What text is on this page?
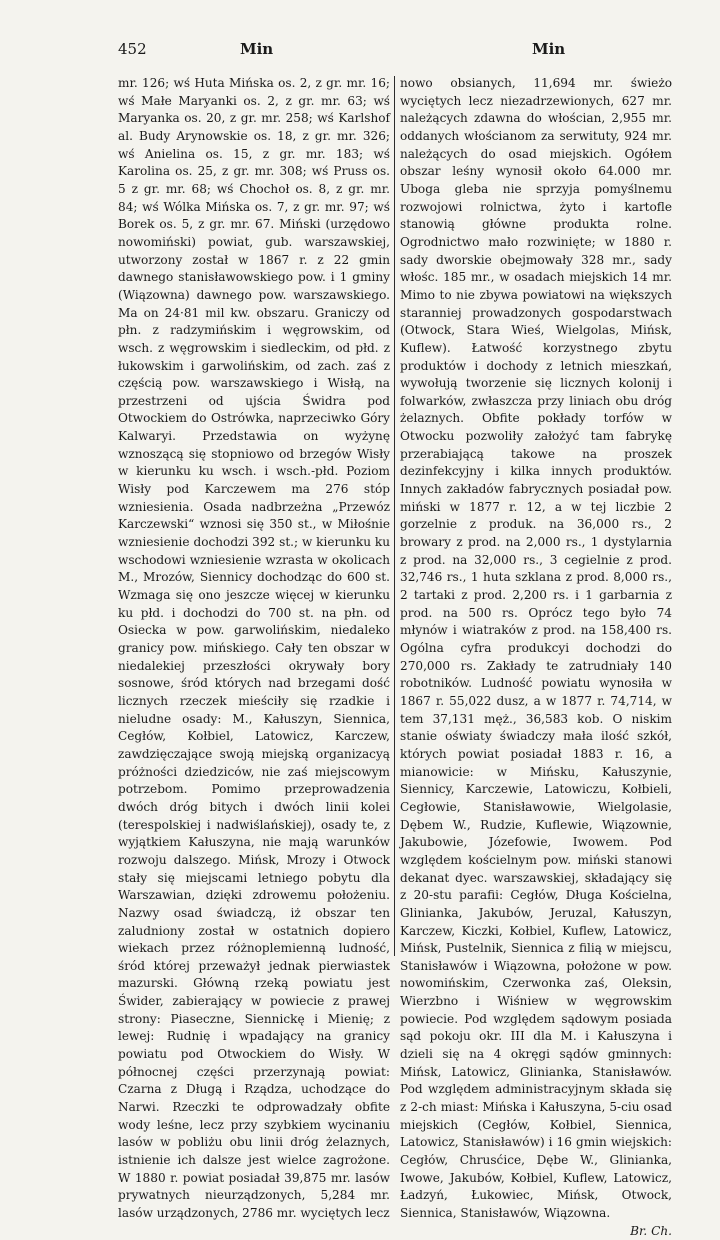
452	Min	Min

mr. 126; wś Huta Mińska os. 2, z gr. mr. 16; wś Małe Maryanki os. 2, z gr. mr. 63; wś Maryanka os. 20, z gr. mr. 258; wś Karlshof al. Budy Arynowskie os. 18, z gr. mr. 326; wś Anielina os. 15, z gr. mr. 183; wś Karolina os. 25, z gr. mr. 308; wś Pruss os. 5 z gr. mr. 68; wś Chochoł os. 8, z gr. mr. 84; wś Wólka Mińska os. 7, z gr. mr. 97; wś Borek os. 5, z gr. mr. 67. Miński (urzędowo nowomiński) powiat, gub. warszawskiej, utworzony został w 1867 r. z 22 gmin dawnego stanisławowskiego pow. i 1 gminy (Wiązowna) dawnego pow. warszawskiego. Ma on 24·81 mil kw. obszaru. Graniczy od płn. z radzymińskim i węgrowskim, od wsch. z węgrowskim i siedleckim, od płd. z łukowskim i garwolińskim, od zach. zaś z częścią pow. warszawskiego i Wisłą, na przestrzeni od ujścia Świdra pod Otwockiem do Ostrówka, naprzeciwko Góry Kalwaryi. Przedstawia on wyżynę wznoszącą się stopniowo od brzegów Wisły w kierunku ku wsch. i wsch.-płd. Poziom Wisły pod Karczewem ma 276 stóp wzniesienia. Osada nadbrzeżna „Przewóz Karczewski“ wznosi się 350 st., w Miłośnie wzniesienie dochodzi 392 st.; w kierunku ku wschodowi wzniesienie wzrasta w okolicach M., Mrozów, Siennicy dochodząc do 600 st. Wzmaga się ono jeszcze więcej w kierunku ku płd. i dochodzi do 700 st. na płn. od Osiecka w pow. garwolińskim, niedaleko granicy pow. mińskiego. Cały ten obszar w niedalekiej przeszłości okrywały bory sosnowe, śród których nad brzegami dość licznych rzeczek mieściły się rzadkie i nieludne osady: M., Kałuszyn, Siennica, Cegłów, Kołbiel, Latowicz, Karczew, zawdzięczające swoją miejską organizacyą próżności dziedziców, nie zaś miejscowym potrzebom. Pomimo przeprowadzenia dwóch dróg bitych i dwóch linii kolei (terespolskiej i nadwiślańskiej), osady te, z wyjątkiem Kałuszyna, nie mają warunków rozwoju dalszego. Mińsk, Mrozy i Otwock stały się miejscami letniego pobytu dla Warszawian, dzięki zdrowemu położeniu. Nazwy osad świadczą, iż obszar ten zaludniony został w ostatnich dopiero wiekach przez różnoplemienną ludność, śród której przeważył jednak pierwiastek mazurski. Główną rzeką powiatu jest Świder, zabierający w powiecie z prawej strony: Piaseczne, Siennickę i Mienię; z lewej: Rudnię i wpadający na granicy powiatu pod Otwockiem do Wisły. W północnej części przerzynają powiat: Czarna z Długą i Rządza, uchodzące do Narwi. Rzeczki te odprowadzały obfite wody leśne, lecz przy szybkiem wycinaniu lasów w pobliżu obu linii dróg żelaznych, istnienie ich dalsze jest wielce zagrożone. W 1880 r. powiat posiadał 39,875 mr. lasów prywatnych nieurządzonych, 5,284 mr. lasów urządzonych, 2786 mr. wyciętych lecz

nowo obsianych, 11,694 mr. świeżo wyciętych lecz niezadrzewionych, 627 mr. należących zdawna do włościan, 2,955 mr. oddanych włościanom za serwituty, 924 mr. należących do osad miejskich. Ogółem obszar leśny wynosił około 64.000 mr. Uboga gleba nie sprzyja pomyślnemu rozwojowi rolnictwa, żyto i kartofle stanowią główne produkta rolne. Ogrodnictwo mało rozwinięte; w 1880 r. sady dworskie obejmowały 328 mr., sady włośc. 185 mr., w osadach miejskich 14 mr. Mimo to nie zbywa powiatowi na większych staranniej prowadzonych gospodarstwach (Otwock, Stara Wieś, Wielgolas, Mińsk, Kuflew). Łatwość korzystnego zbytu produktów i dochody z letnich mieszkań, wywołują tworzenie się licznych kolonij i folwarków, zwłaszcza przy liniach obu dróg żelaznych. Obfite pokłady torfów w Otwocku pozwoliły założyć tam fabrykę przerabiającą takowe na proszek dezinfekcyjny i kilka innych produktów. Innych zakładów fabrycznych posiadał pow. miński w 1877 r. 12, a w tej liczbie 2 gorzelnie z produk. na 36,000 rs., 2 browary z prod. na 2,000 rs., 1 dystylarnia z prod. na 32,000 rs., 3 cegielnie z prod. 32,746 rs., 1 huta szklana z prod. 8,000 rs., 2 tartaki z prod. 2,200 rs. i 1 garbarnia z prod. na 500 rs. Oprócz tego było 74 młynów i wiatraków z prod. na 158,400 rs. Ogólna cyfra produkcyi dochodzi do 270,000 rs. Zakłady te zatrudniały 140 robotników. Ludność powiatu wynosiła w 1867 r. 55,022 dusz, a w 1877 r. 74,714, w tem 37,131 męż., 36,583 kob. O niskim stanie oświaty świadczy mała ilość szkół, których powiat posiadał 1883 r. 16, a mianowicie: w Mińsku, Kałuszynie, Siennicy, Karczewie, Latowiczu, Kołbieli, Cegłowie, Stanisławowie, Wielgolasie, Dębem W., Rudzie, Kuflewie, Wiązownie, Jakubowie, Józefowie, Iwowem. Pod względem kościelnym pow. miński stanowi dekanat dyec. warszawskiej, składający się z 20-stu parafii: Cegłów, Długa Kościelna, Glinianka, Jakubów, Jeruzal, Kałuszyn, Karczew, Kiczki, Kołbiel, Kuflew, Latowicz, Mińsk, Pustelnik, Siennica z filią w miejscu, Stanisławów i Wiązowna, położone w pow. nowomińskim, Czerwonka zaś, Oleksin, Wierzbno i Wiśniew w węgrowskim powiecie. Pod względem sądowym posiada sąd pokoju okr. III dla M. i Kałuszyna i dzieli się na 4 okręgi sądów gminnych: Mińsk, Latowicz, Glinianka, Stanisławów. Pod względem administracyjnym składa się z 2-ch miast: Mińska i Kałuszyna, 5-ciu osad miejskich (Cegłów, Kołbiel, Siennica, Latowicz, Stanisławów) i 16 gmin wiejskich: Cegłów, Chrusćice, Dębe W., Glinianka, Iwowe, Jakubów, Kołbiel, Kuflew, Latowicz, Ładzyń, Łukowiec, Mińsk, Otwock, Siennica, Stanisławów, Wiązowna.

Br. Ch.
